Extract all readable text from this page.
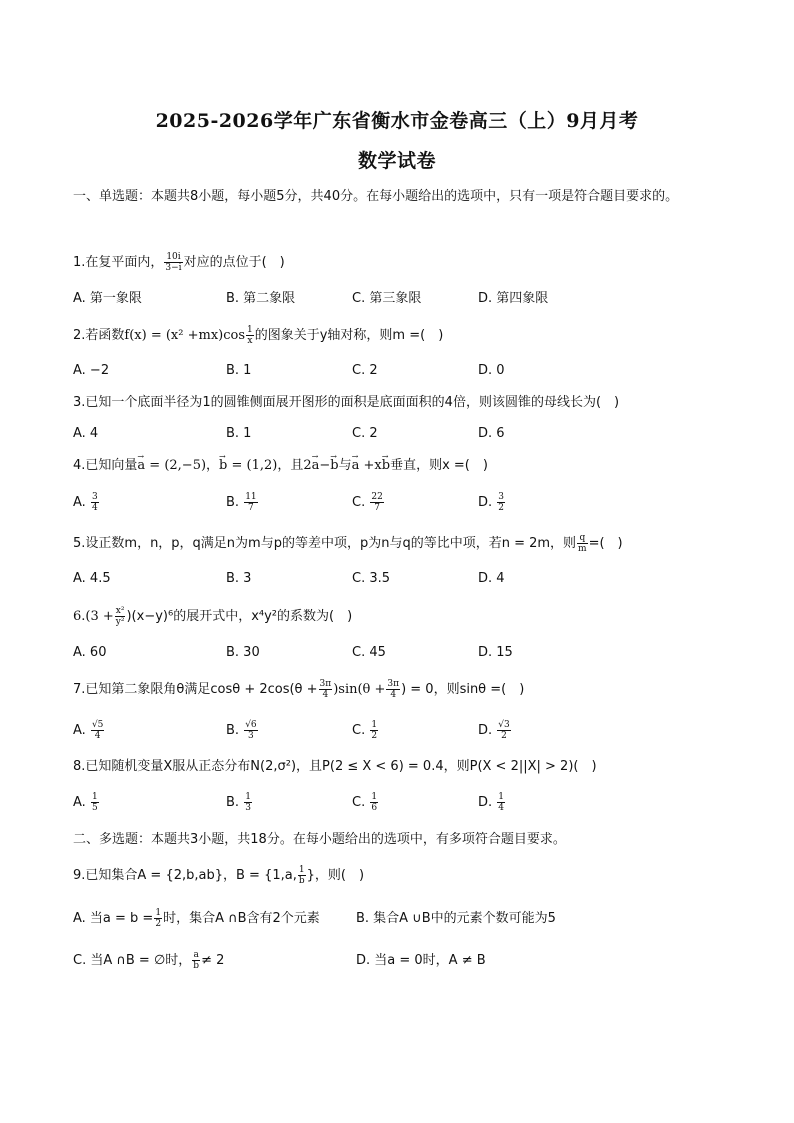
2025-2026学年广东省衡水市金卷高三（上）9月月考
数学试卷
一、单选题：本题共8小题，每小题5分，共40分。在每小题给出的选项中，只有一项是符合题目要求的。
1.在复平面内， $\frac{10i}{3-i}$ 对应的点位于(　)
A. 第一象限	B. 第二象限	C. 第三象限	D. 第四象限
2.若函数$f(x) = (x^2 +mx)\cos \frac{1}{x}$ 的图象关于y轴对称，则m =(　)
A. −2	B. 1	C. 2	D. 0
3.已知一个底面半径为1的圆锥侧面展开图形的面积是底面面积的4倍，则该圆锥的母线长为(　)
A. 4	B. 1	C. 2	D. 6
4.已知向量→ a = (2,−5)，→ b = (1,2)，且2→ a−→ b与→ a +x→ b垂直，则x =(　)
A. $\frac{3}{4}$	B. $\frac{11}{7}$	C. $\frac{22}{7}$	D. $\frac{3}{2}$
5.设正数m，n，p，q满足n为m与p的等差中项，p为n与q的等比中项，若n = 2m，则 $\frac{q}{m}$ =(　)
A. 4.5	B. 3	C. 3.5	D. 4
$6.(3 + \frac{\text{x²}}{\text{y²}} )(x-y)^6$的展开式中，x⁴y²的系数为(　)
A. 60	B. 30	C. 45	D. 15
7.已知第二象限角θ满足$\cos\theta + 2\cos(\theta + \frac{3\pi}{4} )\sin(\theta + \frac{3\pi}{4}$ ) = 0，则sinθ =(　)
A. $\frac{√5}{4}$	B. $\frac{√6}{3}$	C. $\frac{1}{2}$	D. $\frac{√3}{2}$
8.已知随机变量X服从正态分布N(2,σ²)，且P(2 ≤ X < 6) = 0.4，则P(X < 2||X| > 2)(　)
A. $\frac{1}{5}$	B. $\frac{1}{3}$	C. $\frac{1}{6}$	D. $\frac{1}{4}$
二、多选题：本题共3小题，共18分。在每小题给出的选项中，有多项符合题目要求。
9.已知集合A = {2,b,ab}，B = {1,a, $\frac{1}{b}$ }，则(　)
A. 当$a = b = \frac{1}{2}$ 时，集合A ∩B含有2个元素	B. 集合A ∪B中的元素个数可能为5
C. 当A ∩B = ∅时， $\frac{a}{b} \ne 2$	D. 当a = 0时，A ≠ B
